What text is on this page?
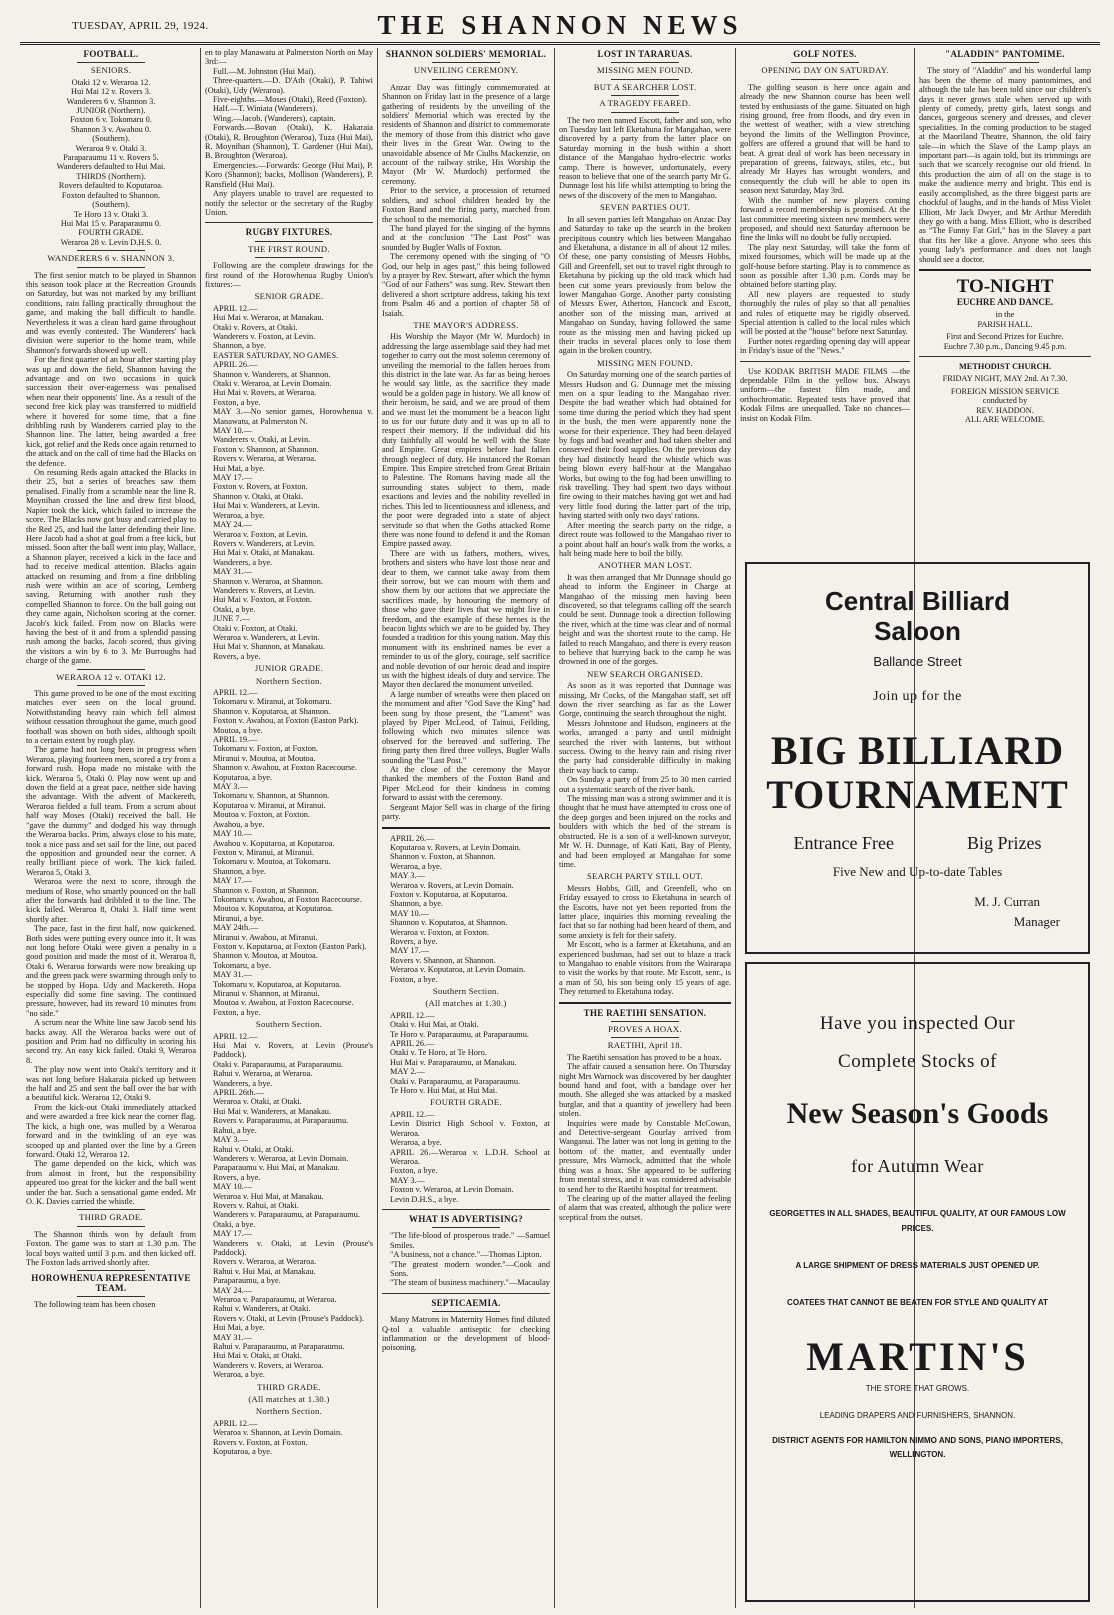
TUESDAY, APRIL 29, 1924.	THE SHANNON NEWS
FOOTBALL.
SENIORS.
Otaki 12 v. Weraroa 12.
Hui Mai 12 v. Rovers 3.
Wanderers 6 v. Shannon 3.
JUNIOR (Northern).
Foxton 6 v. Tokomaru 0.
Shannon 3 v. Awahou 0.
(Southern).
Weraroa 9 v. Otaki 3.
Paraparaumu 11 v. Rovers 5.
Wanderers defaulted to Hui Mai.
THIRDS (Northern).
Rovers defaulted to Koputaroa.
Foxton defaulted to Shannon.
(Southern).
Te Horo 13 v. Otaki 3.
Hui Mai 15 v. Paraparaumu 0.
FOURTH GRADE.
Weraroa 28 v. Levin D.H.S. 0.
WANDERERS 6 v. SHANNON 3.

The first senior match to be played in Shannon this season took place at the Recreation Grounds on Saturday, but was not marked by any brilliant conditions, rain falling practically throughout the game, and making the ball difficult to handle. Nevertheless it was a clean hard game throughout and was evenly contested. The Wanderers' back division were superior to the home team, while Shannon's forwards showed up well.

For the first quarter of an hour after starting play was up and down the field, Shannon having the advantage and on two occasions in quick succession their over-eagerness was penalised when near their opponents' line. As a result of the second free kick play was transferred to midfield where it hovered for some time, that a fine dribbling rush by Wanderers carried play to the Shannon line. The latter, being awarded a free kick, got relief and the Reds once again returned to the attack and on the call of time had the Blacks on the defence.

On resuming Reds again attacked the Blacks in their 25, but a series of breaches saw them penalised. Finally from a scramble near the line R. Moynihan crossed the line and drew first blood, Napier took the kick, which failed to increase the score. The Blacks now got busy and carried play to the Red 25, and had the latter defending their line. Here Jacob had a shot at goal from a free kick, but missed. Soon after the ball went into play, Wallace, a Shannon player, received a kick in the face and had to receive medical attention. Blacks again attacked on resuming and from a fine dribbling rush were within an ace of scoring, Lemberg saving. Returning with another rush they compelled Shannon to force. On the ball going out they came again, Nicholson scoring at the corner. Jacob's kick failed. From now on Blacks were having the best of it and from a splendid passing rush among the backs, Jacob scored, thus giving the visitors a win by 6 to 3. Mr Burroughs had charge of the game.

WERAROA 12 v. OTAKI 12.

This game proved to be one of the most exciting matches ever seen on the local ground. Notwithstanding heavy rain which fell almost without cessation throughout the game, much good football was shown on both sides, although spoilt to a certain extent by rough play.

The game had not long been in progress when Weraroa, playing fourteen men, scored a try from a forward rush. Hopa made no mistake with the kick. Weraroa 5, Otaki 0. Play now went up and down the field at a great pace, neither side having the advantage. With the advent of Mackereth, Weraroa fielded a full team. From a scrum about half way Moses (Otaki) received the ball. He "gave the dummy" and dodged his way through the Weraroa backs. Prim, always close to his mate, took a nice pass and set sail for the line, out paced the opposition and grounded near the corner. A really brilliant piece of work. The kick failed. Weraroa 5, Otaki 3.

Weraroa were the next to score, through the medium of Rose, who smartly pounced on the ball after the forwards had dribbled it to the line. The kick failed. Weraroa 8, Otaki 3. Half time went shortly after.

The pace, fast in the first half, now quickened. Both sides were putting every ounce into it. It was not long before Otaki were given a penalty in a good position and made the most of it. Weraroa 8, Otaki 6. Weraroa forwards were now breaking up and the green pack were swarming through only to be stopped by Hopa. Udy and Mackereth. Hopa especially did some fine saving. The continued pressure, however, had its reward 10 minutes from "no side."

A scrum near the White line saw Jacob send his backs away. All the Weraroa backs were out of position and Prim had no difficulty in scoring his second try. An easy kick failed. Otaki 9, Weraroa 8.

The play now went into Otaki's territory and it was not long before Hakaraia picked up between the half and 25 and sent the ball over the bar with a beautiful kick. Weraroa 12, Otaki 9.

From the kick-out Otaki immediately attacked and were awarded a free kick near the corner flag. The kick, a high one, was mulled by a Weraroa forward and in the twinkling of an eye was scooped up and planted over the line by a Green forward. Otaki 12, Weraroa 12.

The game depended on the kick, which was from almost in front, but the responsibility appeared too great for the kicker and the ball went under the bar. Such a sensational game ended. Mr O. K. Davies carried the whistle.

THIRD GRADE.

The Shannon thirds won by default from Foxton. The game was to start at 1.30 p.m. The local boys waited until 3 p.m. and then kicked off. The Foxton lads arrived shortly after.

HOROWHENUA REPRESENTATIVE TEAM.

The following team has been chosen

en to play Manawatu at Palmerston North on May 3rd:—

Full.—M. Johnston (Hui Mai).

Three-quarters.—D. D'Ath (Otaki), P. Tahiwi (Otaki), Udy (Weraroa).

Five-eighths.—Moses (Otaki), Reed (Foxton).

Half.—T. Winiata (Wanderers).

Wing.—Jacob. (Wanderers), captain.

Forwards.—Bovan (Otaki), K. Hakaraia (Otaki), R. Broughton (Weraroa), Tuza (Hui Mai), R. Moynihan (Shannon), T. Gardener (Hui Mai), B. Broughton (Weraroa).

Emergencies.—Forwards: George (Hui Mai), P. Koro (Shannon); backs, Mollison (Wanderers), P. Ransfield (Hui Mai).

Any players unable to travel are requested to notify the selector or the secretary of the Rugby Union.

RUGBY FIXTURES.
THE FIRST ROUND.

Following are the complete drawings for the first round of the Horowhenua Rugby Union's fixtures:—

SENIOR GRADE.
APRIL 12.—
Hui Mai v. Weraroa, at Manakau.
Otaki v. Rovers, at Otaki.
Wanderers v. Foxton, at Levin.
Shannon, a bye.
EASTER SATURDAY, NO GAMES.
APRIL 26.—
Shannon v. Wanderers, at Shannon.
Otaki v. Weraroa, at Levin Domain.
Hui Mai v. Rovers, at Weraroa.
Foxton, a bye.
MAY 3.—No senior games, Horowhenua v. Manawatu, at Palmerston N.
MAY 10.—
Wanderers v. Otaki, at Levin.
Foxton v. Shannon, at Shannon.
Rovers v. Weraroa, at Weraroa.
Hui Mai, a bye.
MAY 17.—
Foxton v. Rovers, at Foxton.
Shannon v. Otaki, at Otaki.
Hui Mai v. Wanderers, at Levin.
Weraroa, a bye.
MAY 24.—
Weraroa v. Foxton, at Levin.
Rovers v. Wanderers, at Levin.
Hui Mai v. Otaki, at Manakau.
Wanderers, a bye.
MAY 31.—
Shannon v. Weraroa, at Shannon.
Wanderers v. Rovers, at Levin.
Hui Mai v. Foxton, at Foxton.
Otaki, a bye.
JUNE 7.—
Otaki v. Foxton, at Otaki.
Weraroa v. Wanderers, at Levin.
Hui Mai v. Shannon, at Manakau.
Rovers, a bye.
JUNIOR GRADE.
Northern Section.
APRIL 12.—
Tokomaru v. Miranui, at Tokomaru.
Shannon v. Koputaroa, at Shannon.
Foxton v. Awahou, at Foxton (Easton Park).
Moutoa, a bye.
APRIL 19.—
Tokomaru v. Foxton, at Foxton.
Miranui v. Moutoa, at Moutoa.
Shannon v. Awahou, at Foxton Racecourse.
Koputaroa, a bye.
MAY 3.—
Tokomaru v. Shannon, at Shannon.
Koputaroa v. Miranui, at Miranui.
Moutoa v. Foxton, at Foxton.
Awahou, a bye.
MAY 10.—
Awahou v. Koputaroa, at Koputaroa.
Foxton v. Miranui, at Miranui.
Tokomaru v. Moutoa, at Tokomaru.
Shannon, a bye.
MAY 17.—
Shannon v. Foxton, at Shannon.
Tokomaru v. Awahou, at Foxton Racecourse.
Moutoa v. Koputaroa, at Koputaroa.
Miranui, a bye.
MAY 24th.—
Miranui v. Awahou, at Miranui.
Foxton v. Koputaroa, at Foxton (Easton Park).
Shannon v. Moutoa, at Moutoa.
Tokomaru, a bye.
MAY 31.—
Tokomaru v. Koputaroa, at Koputaroa.
Miranui v. Shannon, at Miranui.
Moutoa v. Awahou, at Foxton Racecourse.
Foxton, a bye.
Southern Section.
APRIL 12.—
Hui Mai v. Rovers, at Levin (Prouse's Paddock).
Otaki v. Paraparaumu, at Paraparaumu.
Rahui v. Weraroa, at Weraroa.
Wanderers, a bye.
APRIL 26th.—
Weraroa v. Otaki, at Otaki.
Hui Mai v. Wanderers, at Manakau.
Rovers v. Paraparaumu, at Paraparaumu.
Rahui, a bye.
MAY 3.—
Rahui v. Otaki, at Otaki.
Wanderers v. Weraroa, at Levin Domain.
Paraparaumu v. Hui Mai, at Manakau.
Rovers, a bye.
MAY 10.—
Weraroa v. Hui Mai, at Manakau.
Rovers v. Rahui, at Otaki.
Wanderers v. Paraparaumu, at Paraparaumu.
Otaki, a bye.
MAY 17.—
Wanderers v. Otaki, at Levin (Prouse's Paddock).
Rovers v. Weraroa, at Weraroa.
Rahui v. Hui Mai, at Manakau.
Paraparaumu, a bye.
MAY 24.—
Weraroa v. Paraparaumu, at Weraroa.
Rahui v. Wanderers, at Otaki.
Rovers v. Otaki, at Levin (Prouse's Paddock).
Hui Mai, a bye.
MAY 31.—
Rahui v. Paraparaumu, at Paraparaumu.
Hui Mai v. Otaki, at Otaki.
Wanderers v. Rovers, at Weraroa.
Weraroa, a bye.
THIRD GRADE.
(All matches at 1.30.)
Northern Section.
APRIL 12.—
Weraroa v. Shannon, at Levin Domain.
Rovers v. Foxton, at Foxton.
Koputaroa, a bye.
SHANNON SOLDIERS' MEMORIAL.
UNVEILING CEREMONY.

Anzac Day was fittingly commemorated at Shannon on Friday last in the presence of a large gathering of residents by the unveiling of the soldiers' Memorial which was erected by the residents of Shannon and district to commemorate the memory of those from this district who gave their lives in the Great War. Owing to the unavoidable absence of Mr Ciulhs Mackenzie, on account of the railway strike, His Worship the Mayor (Mr W. Murdoch) performed the ceremony.

Prior to the service, a procession of returned soldiers, and school children headed by the Foxton Band and the firing party, marched from the school to the memorial.

The band played for the singing of the hymns and at the conclusion "The Last Post" was sounded by Bugler Walls of Foxton.

The ceremony opened with the singing of "O God, our help in ages past," this being followed by a prayer by Rev. Stewart, after which the hymn "God of our Fathers" was sung. Rev. Stewart then delivered a short scripture address, taking his text from Psalm 46 and a portion of chapter 58 of Isaiah.

THE MAYOR'S ADDRESS.

His Worship the Mayor (Mr W. Murdoch) in addressing the large assemblage said they had met together to carry out the most solemn ceremony of unveiling the memorial to the fallen heroes from this district in the late war. As far as being heroes he would say little, as the sacrifice they made would be a golden page in history. We all know of their heroism, he said, and we are proud of them and we must let the monument be a beacon light to us for our future duty and it was up to all to respect their memory. If the individual did his duty faithfully all would be well with the State and Empire. Great empires before had fallen through neglect of duty. He instanced the Roman Empire. This Empire stretched from Great Britain to Palestine. The Romans having made all the surrounding states subject to them, made exactions and levies and the nobility revelled in riches. This led to licentiousness and idleness, and the poor were degraded into a state of abject servitude so that when the Goths attacked Rome there was none found to defend it and the Roman Empire passed away.

There are with us fathers, mothers, wives, brothers and sisters who have lost those near and dear to them, we cannot take away from them their sorrow, but we can mourn with them and show them by our actions that we appreciate the sacrifices made, by honouring the memory of those who gave their lives that we might live in freedom, and the example of these heroes is the beacon lights which we are to be guided by. They founded a tradition for this young nation. May this monument with its enshrined names be ever a reminder to us of the glory, courage, self sacrifice and noble devotion of our heroic dead and inspire us with the highest ideals of duty and service. The Mayor then declared the monument unveiled.

A large number of wreaths were then placed on the monument and after "God Save the King" had been sung by those present, the "Lament" was played by Piper McLeod, of Tainui, Feilding, following which two minutes silence was observed for the bereaved and suffering. The firing party then fired three volleys, Bugler Walls sounding the "Last Post."

At the close of the ceremony the Mayor thanked the members of the Foxton Band and Piper McLeod for their kindness in coming forward to assist with the ceremony.

Sergeant Major Sell was in charge of the firing party.

APRIL 26.—
Koputaroa v. Rovers, at Levin Domain.
Shannon v. Foxton, at Shannon.
Weraroa, a bye.
MAY 3.—
Weraroa v. Rovers, at Levin Domain.
Foxton v. Koputaroa, at Koputaroa.
Shannon, a bye.
MAY 10.—
Shannon v. Koputaroa, at Shannon.
Weraroa v. Foxton, at Foxton.
Rovers, a bye.
MAY 17.—
Rovers v. Shannon, at Shannon.
Weraroa v. Koputaroa, at Levin Domain.
Foxton, a bye.
Southern Section.
(All matches at 1.30.)
APRIL 12.—
Otaki v. Hui Mai, at Otaki.
Te Horo v. Paraparaumu, at Paraparaumu.
APRIL 26.—
Otaki v. Te Horo, at Te Horo.
Hui Mai v. Paraparaumu, at Manakau.
MAY 2.—
Otaki v. Paraparaumu, at Paraparaumu.
Te Horo v. Hui Mai, at Hui Mai.
FOURTH GRADE.
APRIL 12.—
Levin District High School v. Foxton, at Weraroa.
Weraroa, a bye.
APRIL 26.—Weraroa v. L.D.H. School at Weraroa.
Foxton, a bye.
MAY 3.—
Foxton v. Weraroa, at Levin Domain.
Levin D.H.S., a bye.
WHAT IS ADVERTISING?
"The life-blood of prosperous trade." —Samuel Smiles.
"A business, not a chance."—Thomas Lipton.
"The greatest modern wonder."—Cook and Sons.
"The steam of business machinery."—Macaulay
SEPTICAEMIA.

Many Matrons in Maternity Homes find diluted Q-tol a valuable antiseptic for checking inflammation or the development of blood-poisoning.

LOST IN TARARUAS.
MISSING MEN FOUND.
BUT A SEARCHER LOST.
A TRAGEDY FEARED.

The two men named Escott, father and son, who on Tuesday last left Eketahuna for Mangahao, were discovered by a party from the latter place on Saturday morning in the bush within a short distance of the Mangahao hydro-electric works camp. There is however, unfortunately, every reason to believe that one of the search party Mr G. Dunnage lost his life whilst attempting to bring the news of the discovery of the men to Mangahao.

SEVEN PARTIES OUT.

In all seven parties left Mangahao on Anzac Day and Saturday to take up the search in the broken precipitous country which lies between Mangahao and Eketahuna, a distance in all of about 12 miles. Of these, one party consisting of Messrs Hobbs, Gill and Greenfell, set out to travel right through to Eketahuna by picking up the old track which had been cut some years previously from below the lower Mangahao Gorge. Another party consisting of Messrs Ewer, Atherton, Hancock and Escott, another son of the missing man, arrived at Mangahao on Sunday, having followed the same route as the missing men and having picked up their tracks in several places only to lose them again in the broken country.

MISSING MEN FOUND.

On Saturday morning one of the search parties of Messrs Hudson and G. Dunnage met the missing men on a spur leading to the Mangahao river. Despite the bad weather which had obtained for some time during the period which they had spent in the bush, the men were apparently none the worse for their experience. They had been delayed by fogs and bad weather and had taken shelter and conserved their food supplies. On the previous day they had distinctly heard the whistle which was being blown every half-hour at the Mangahao Works, but owing to the fog had been unwilling to risk travelling. They had spent two days without fire owing to their matches having got wet and had very little food during the latter part of the trip, having started with only two days' rations.

After meeting the search party on the ridge, a direct route was followed to the Mangahao river to a point about half an hour's walk from the works, a halt being made here to boil the billy.

ANOTHER MAN LOST.

It was then arranged that Mr Dunnage should go ahead to inform the Engineer in Charge at Mangahao of the missing men having been discovered, so that telegrams calling off the search could be sent. Dunnage took a direction following the river, which at the time was clear and of normal height and was the shortest route to the camp. He failed to reach Mangahao, and there is every reason to believe that hurrying back to the camp he was drowned in one of the gorges.

NEW SEARCH ORGANISED.

As soon as it was reported that Dunnage was missing, Mr Cocks, of the Mangahao staff, set off down the river searching as far as the Lower Gorge, continuing the search throughout the night.

Messrs Johnstone and Hudson, engineers at the works, arranged a party and until midnight searched the river with lanterns, but without success. Owing to the heavy rain and rising river the party had considerable difficulty in making their way back to camp.

On Sunday a party of from 25 to 30 men carried out a systematic search of the river bank.

The missing man was a strong swimmer and it is thought that he must have attempted to cross one of the deep gorges and been injured on the rocks and boulders with which the bed of the stream is obstructed. He is a son of a well-known surveyor, Mr W. H. Dunnage, of Kati Kati, Bay of Plenty, and had been employed at Mangahao for some time.

SEARCH PARTY STILL OUT.

Messrs Hobbs, Gill, and Greenfell, who on Friday essayed to cross to Eketahuna in search of the Escotts, have not yet been reported from the latter place, inquiries this morning revealing the fact that so far nothing had been heard of them, and some anxiety is felt for their safety.

Mr Escott, who is a farmer at Eketahuna, and an experienced bushman, had set out to blaze a track to Mangahao to enable visitors from the Wairarapa to visit the works by that route. Mr Escott, senr., is a man of 50, his son being only 15 years of age. They returned to Eketahuna today.

THE RAETIHI SENSATION.
PROVES A HOAX.
RAETIHI, April 18.

The Raetihi sensation has proved to be a hoax.

The affair caused a sensation here. On Thursday night Mrs Warnock was discovered by her daughter bound hand and foot, with a bandage over her mouth. She alleged she was attacked by a masked burglar, and that a quantity of jewellery had been stolen.

Inquiries were made by Constable McCowan, and Detective-sergeant Gourlay arrived from Wanganui. The latter was not long in getting to the bottom of the matter, and eventually under pressure, Mrs Warnock, admitted that the whole thing was a hoax. She appeared to be suffering from mental stress, and it was considered advisable to send her to the Raetihi hospital for treatment.

The clearing up of the matter allayed the feeling of alarm that was created, although the police were sceptical from the outset.

GOLF NOTES.
OPENING DAY ON SATURDAY.

The golfing season is here once again and already the new Shannon course has been well tested by enthusiasts of the game. Situated on high rising ground, free from floods, and dry even in the wettest of weather, with a view stretching beyond the limits of the Wellington Province, golfers are offered a ground that will be hard to beat. A great deal of work has been necessary in preparation of greens, fairways, stiles, etc., but already Mr Hayes has wrought wonders, and consequently the club will be able to open its season next Saturday, May 3rd.

With the number of new players coming forward a record membership is promised. At the last committee meeting sixteen new members were proposed, and should next Saturday afternoon be fine the links will no doubt be fully occupied.

The play next Saturday, will take the form of mixed foursomes, which will be made up at the golf-house before starting. Play is to commence as soon as possible after 1.30 p.m. Cords may be obtained before starting play.

All new players are requested to study thoroughly the rules of play so that all penalties and rules of etiquette may be rigidly observed. Special attention is called to the local rules which will be posted at the "house" before next Saturday.

Further notes regarding opening day will appear in Friday's issue of the "News."

Use KODAK BRITISH MADE FILMS —the dependable Film in the yellow box. Always uniform—the fastest film made, and orthochromatic. Repeated tests have proved that Kodak Films are unequalled. Take no chances—insist on Kodak Film.

"ALADDIN" PANTOMIME.

The story of "Aladdin" and his wonderful lamp has been the theme of many pantomimes, and although the tale has been told since our children's days it never grows stale when served up with plenty of comedy, pretty girls, latest songs and dances, gorgeous scenery and dresses, and clever specialities. In the coming production to be staged at the Maoriland Theatre, Shannon, the old fairy tale—in which the Slave of the Lamp plays an important part—is again told, but its trimmings are such that we scarcely recognise our old friend. In this production the aim of all on the stage is to make the audience merry and bright. This end is easily accomplished, as the three biggest parts are chockful of laughs, and in the hands of Miss Violet Elliott, Mr Jack Dwyer, and Mr Arthur Meredith they go with a bang. Miss Elliott, who is described as "The Funny Fat Girl," has in the Slavey a part that fits her like a glove. Anyone who sees this young lady's performance and does not laugh should see a doctor.

TO-NIGHT
EUCHRE AND DANCE.
in the
PARISH HALL.
First and Second Prizes for Euchre.
Euchre 7.30 p.m., Dancing 9.45 p.m.
METHODIST CHURCH.
FRIDAY NIGHT, MAY 2nd. At 7.30.
FOREIGN MISSION SERVICE
conducted by
REV. HADDON.
ALL ARE WELCOME.
Central Billiard
Saloon
Ballance Street
Join up for the
BIG BILLIARD
TOURNAMENT
Entrance Free	Big Prizes
Five New and Up-to-date Tables
M. J. Curran
Manager
Have you inspected Our
Complete Stocks of
New Season's Goods
for Autumn Wear
GEORGETTES IN ALL SHADES, BEAUTIFUL QUALITY, AT OUR FAMOUS LOW PRICES.
A LARGE SHIPMENT OF DRESS MATERIALS JUST OPENED UP.
COATEES THAT CANNOT BE BEATEN FOR STYLE AND QUALITY AT
MARTIN'S
THE STORE THAT GROWS.
LEADING DRAPERS AND FURNISHERS, SHANNON.
DISTRICT AGENTS FOR HAMILTON NIMMO AND SONS, PIANO IMPORTERS, WELLINGTON.
